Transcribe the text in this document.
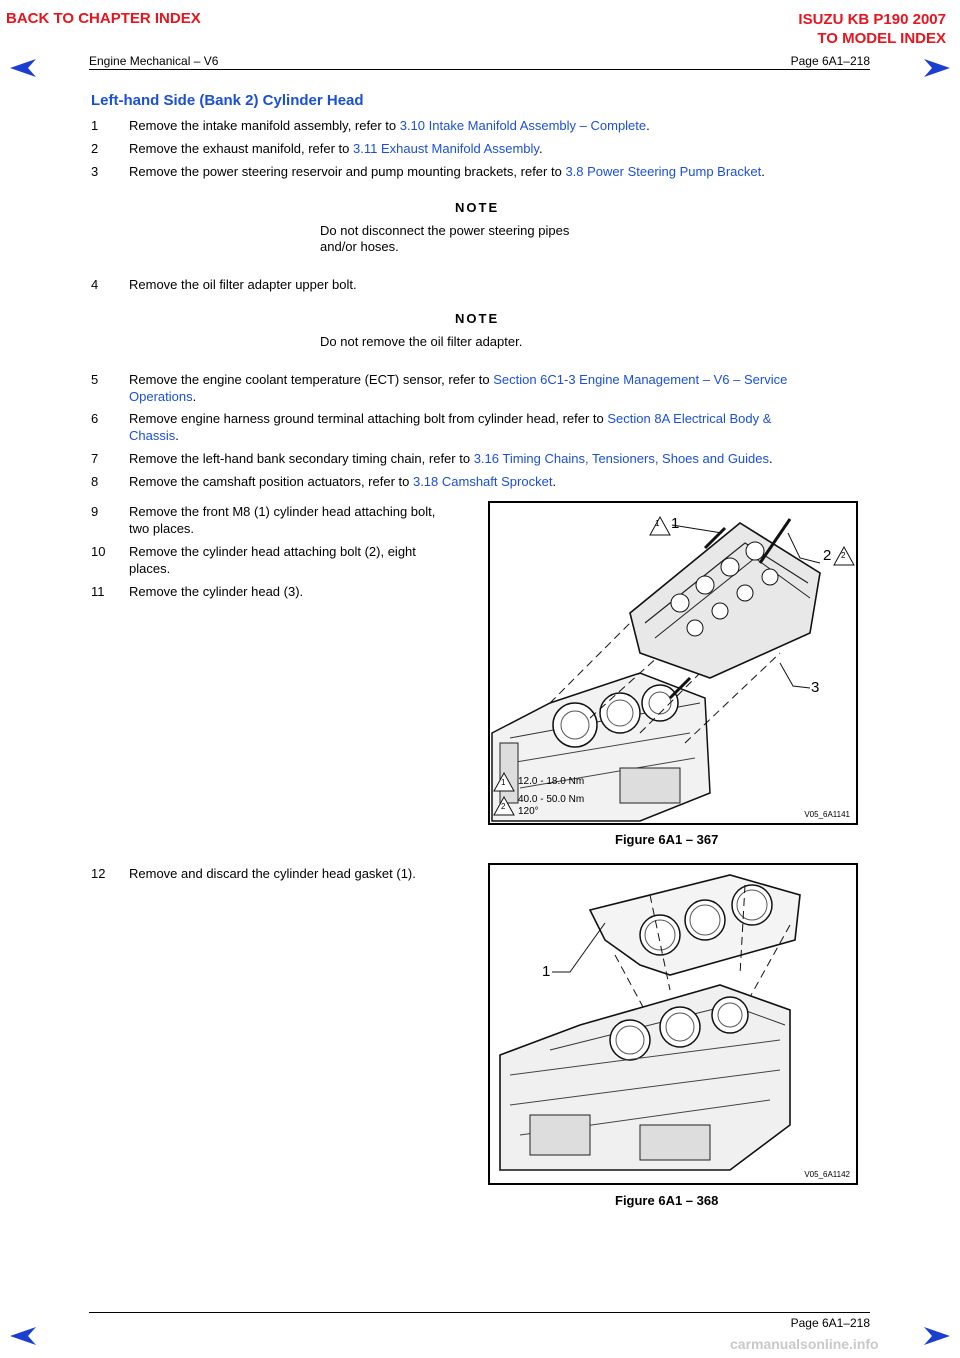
BACK TO CHAPTER INDEX	ISUZU KB P190 2007
TO MODEL INDEX
Engine Mechanical – V6	Page 6A1–218
Left-hand Side (Bank 2) Cylinder Head
1	Remove the intake manifold assembly, refer to 3.10 Intake Manifold Assembly – Complete.
2	Remove the exhaust manifold, refer to 3.11 Exhaust Manifold Assembly.
3	Remove the power steering reservoir and pump mounting brackets, refer to 3.8 Power Steering Pump Bracket.
NOTE
Do not disconnect the power steering pipes
and/or hoses.
4	Remove the oil filter adapter upper bolt.
NOTE
Do not remove the oil filter adapter.
5	Remove the engine coolant temperature (ECT) sensor, refer to Section 6C1-3 Engine Management – V6 – Service
Operations.
6	Remove engine harness ground terminal attaching bolt from cylinder head, refer to Section 8A Electrical Body &
Chassis.
7	Remove the left-hand bank secondary timing chain, refer to 3.16 Timing Chains, Tensioners, Shoes and Guides.
8	Remove the camshaft position actuators, refer to 3.18 Camshaft Sprocket.
9	Remove the front M8 (1) cylinder head attaching bolt,
two places.
10	Remove the cylinder head attaching bolt (2), eight
places.
11	Remove the cylinder head (3).
1 1
2 2
3
1 12.0 - 18.0 Nm
2
40.0 - 50.0 Nm
120°	V05_6A1141
Figure 6A1 – 367
12	Remove and discard the cylinder head gasket (1).
1
V05_6A1142
Figure 6A1 – 368
Page 6A1–218
carmanualsonline.info
